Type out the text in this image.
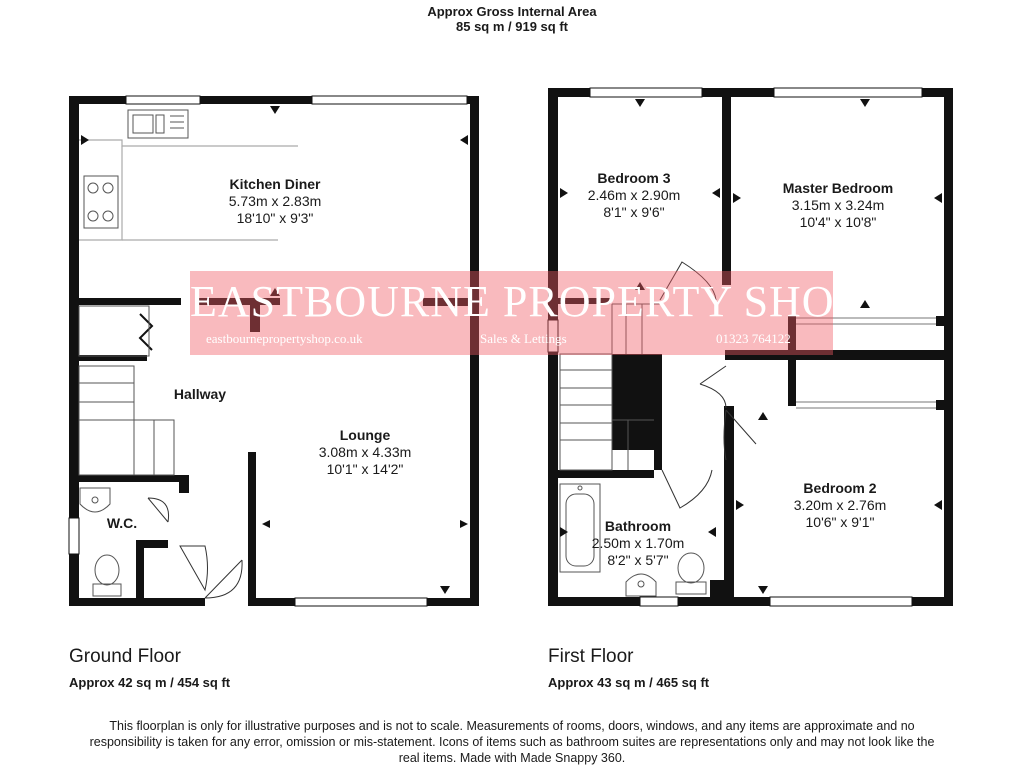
Approx Gross Internal Area
85 sq m / 919 sq ft
EASTBOURNE PROPERTY SHOP
eastbournepropertyshop.co.uk	Sales & Lettings	01323 764122
Kitchen Diner
5.73m x 2.83m
18'10" x 9'3"
Hallway
Lounge
3.08m x 4.33m
10'1" x 14'2"
W.C.
Bedroom 3
2.46m x 2.90m
8'1" x 9'6"
Master Bedroom
3.15m x 3.24m
10'4" x 10'8"
Bedroom 2
3.20m x 2.76m
10'6" x 9'1"
Bathroom
2.50m x 1.70m
8'2" x 5'7"
Ground Floor
Approx 42 sq m / 454 sq ft
First Floor
Approx 43 sq m / 465 sq ft
This floorplan is only for illustrative purposes and is not to scale. Measurements of rooms, doors, windows, and any items are approximate and no responsibility is taken for any error, omission or mis-statement. Icons of items such as bathroom suites are representations only and may not look like the real items. Made with Made Snappy 360.
